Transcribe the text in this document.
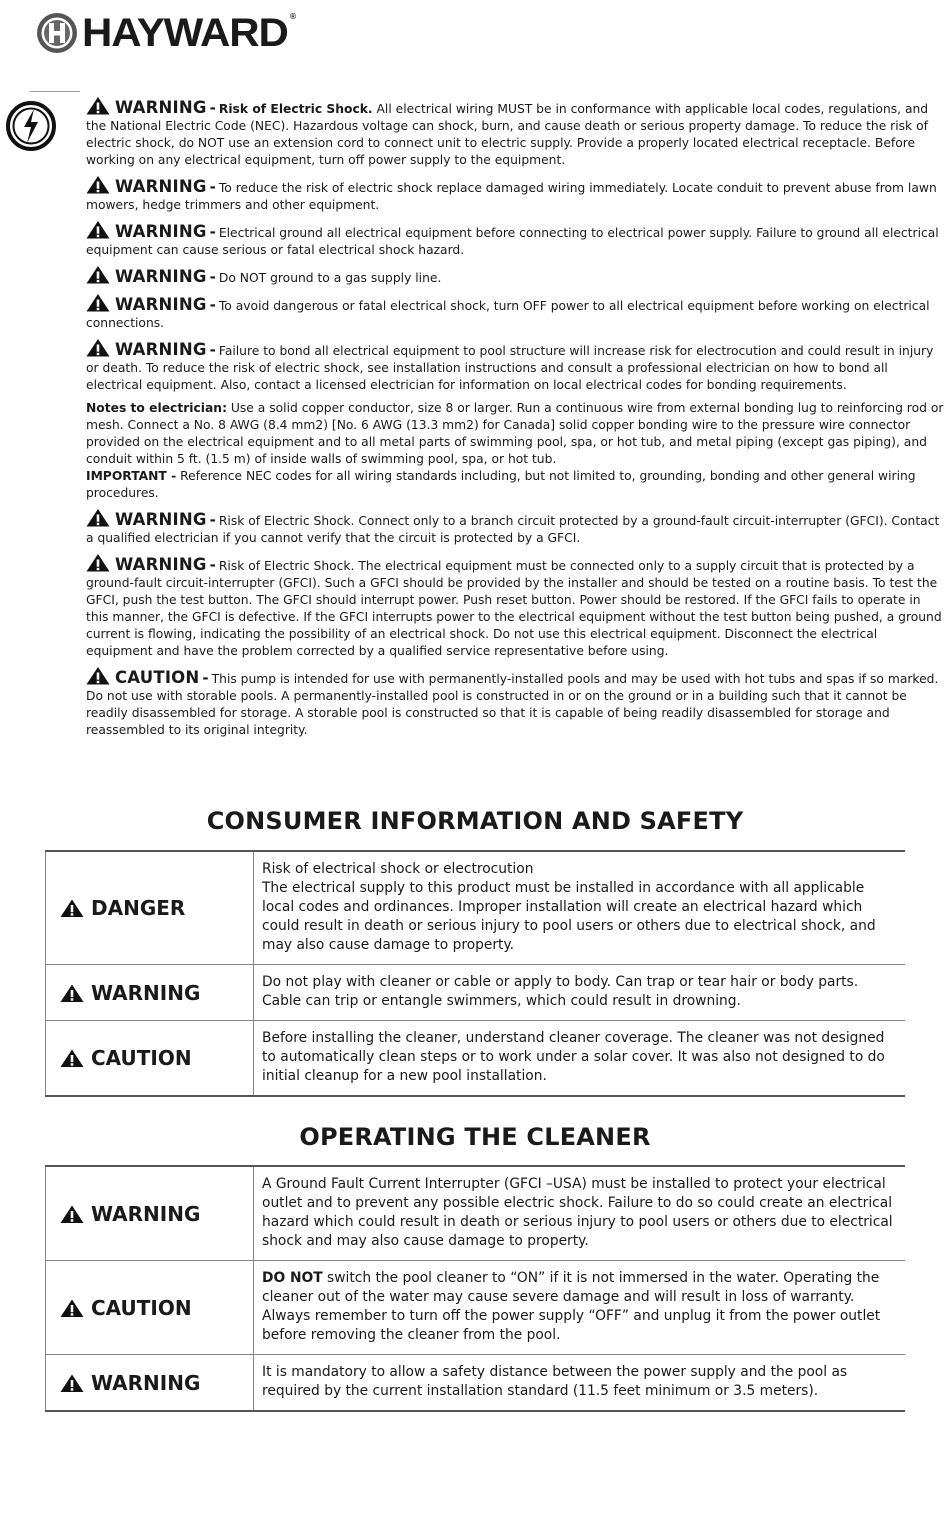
HAYWARD ®
WARNING - Risk of Electric Shock. All electrical wiring MUST be in conformance with applicable local codes, regulations, and the National Electric Code (NEC). Hazardous voltage can shock, burn, and cause death or serious property damage. To reduce the risk of electric shock, do NOT use an extension cord to connect unit to electric supply. Provide a properly located electrical receptacle. Before working on any electrical equipment, turn off power supply to the equipment.
WARNING - To reduce the risk of electric shock replace damaged wiring immediately. Locate conduit to prevent abuse from lawn mowers, hedge trimmers and other equipment.
WARNING - Electrical ground all electrical equipment before connecting to electrical power supply. Failure to ground all electrical equipment can cause serious or fatal electrical shock hazard.
WARNING - Do NOT ground to a gas supply line.
WARNING - To avoid dangerous or fatal electrical shock, turn OFF power to all electrical equipment before working on electrical connections.
WARNING - Failure to bond all electrical equipment to pool structure will increase risk for electrocution and could result in injury or death. To reduce the risk of electric shock, see installation instructions and consult a professional electrician on how to bond all electrical equipment. Also, contact a licensed electrician for information on local electrical codes for bonding requirements.
Notes to electrician: Use a solid copper conductor, size 8 or larger. Run a continuous wire from external bonding lug to reinforcing rod or mesh. Connect a No. 8 AWG (8.4 mm2) [No. 6 AWG (13.3 mm2) for Canada] solid copper bonding wire to the pressure wire connector provided on the electrical equipment and to all metal parts of swimming pool, spa, or hot tub, and metal piping (except gas piping), and conduit within 5 ft. (1.5 m) of inside walls of swimming pool, spa, or hot tub.
IMPORTANT - Reference NEC codes for all wiring standards including, but not limited to, grounding, bonding and other general wiring procedures.
WARNING - Risk of Electric Shock. Connect only to a branch circuit protected by a ground-fault circuit-interrupter (GFCI). Contact a qualified electrician if you cannot verify that the circuit is protected by a GFCI.
WARNING - Risk of Electric Shock. The electrical equipment must be connected only to a supply circuit that is protected by a ground-fault circuit-interrupter (GFCI). Such a GFCI should be provided by the installer and should be tested on a routine basis. To test the GFCI, push the test button. The GFCI should interrupt power. Push reset button. Power should be restored. If the GFCI fails to operate in this manner, the GFCI is defective. If the GFCI interrupts power to the electrical equipment without the test button being pushed, a ground current is flowing, indicating the possibility of an electrical shock. Do not use this electrical equipment. Disconnect the electrical equipment and have the problem corrected by a qualified service representative before using.
CAUTION - This pump is intended for use with permanently-installed pools and may be used with hot tubs and spas if so marked. Do not use with storable pools. A permanently-installed pool is constructed in or on the ground or in a building such that it cannot be readily disassembled for storage. A storable pool is constructed so that it is capable of being readily disassembled for storage and reassembled to its original integrity.
CONSUMER INFORMATION AND SAFETY
DANGER	Risk of electrical shock or electrocution
The electrical supply to this product must be installed in accordance with all applicable local codes and ordinances. Improper installation will create an electrical hazard which could result in death or serious injury to pool users or others due to electrical shock, and may also cause damage to property.

WARNING	Do not play with cleaner or cable or apply to body. Can trap or tear hair or body parts. Cable can trip or entangle swimmers, which could result in drowning.

CAUTION	Before installing the cleaner, understand cleaner coverage. The cleaner was not designed to automatically clean steps or to work under a solar cover. It was also not designed to do initial cleanup for a new pool installation.
OPERATING THE CLEANER
WARNING	A Ground Fault Current Interrupter (GFCI –USA) must be installed to protect your electrical outlet and to prevent any possible electric shock. Failure to do so could create an electrical hazard which could result in death or serious injury to pool users or others due to electrical shock and may also cause damage to property.

CAUTION	DO NOT switch the pool cleaner to “ON” if it is not immersed in the water. Operating the cleaner out of the water may cause severe damage and will result in loss of warranty. Always remember to turn off the power supply “OFF” and unplug it from the power outlet before removing the cleaner from the pool.

WARNING	It is mandatory to allow a safety distance between the power supply and the pool as required by the current installation standard (11.5 feet minimum or 3.5 meters).
